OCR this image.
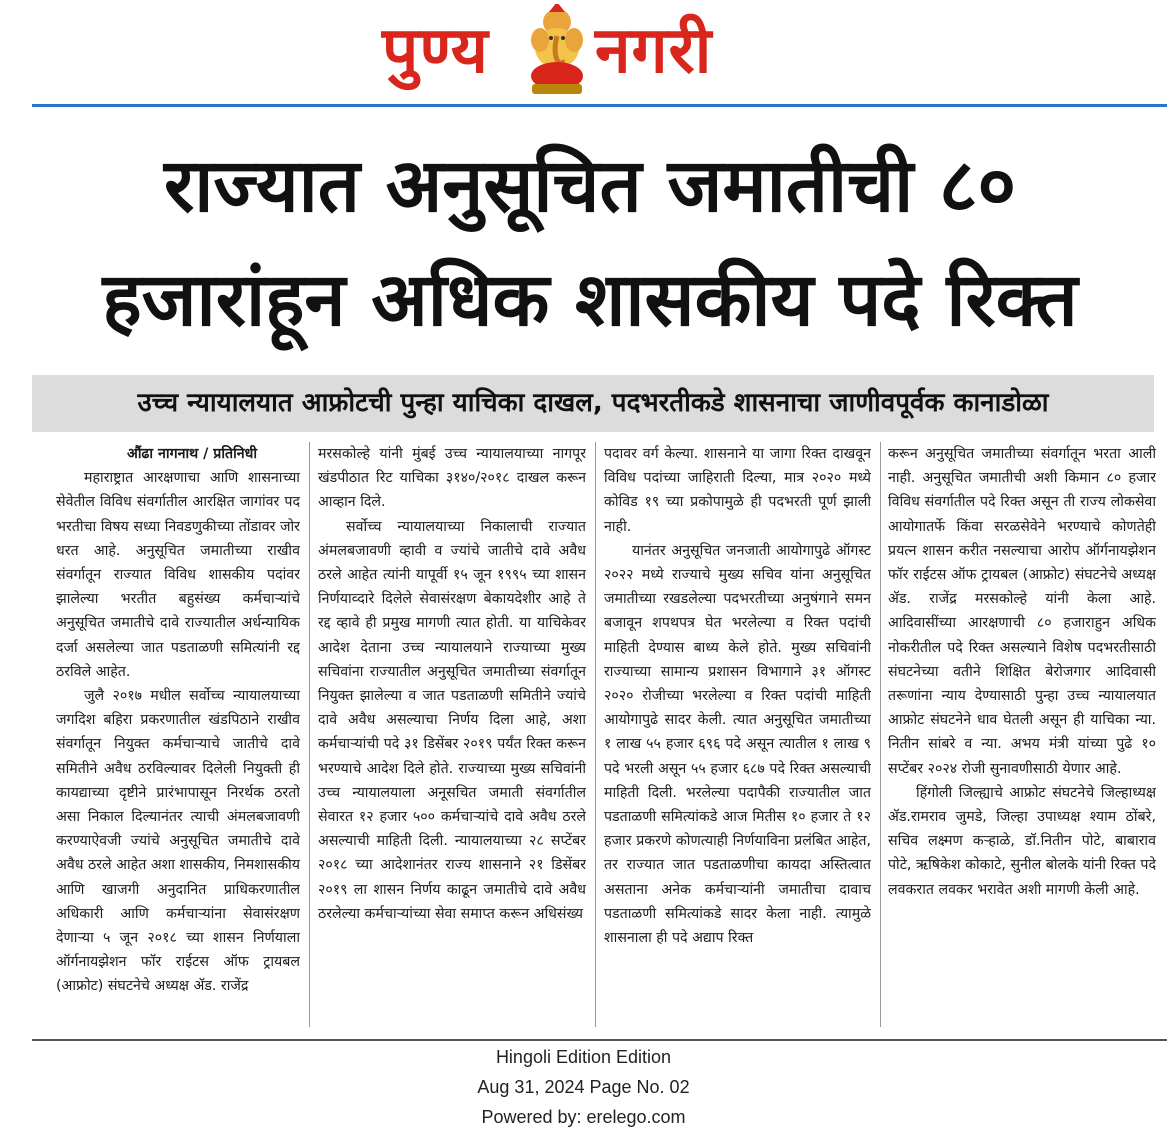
पुण्य नगरी
राज्यात अनुसूचित जमातीची ८०
हजारांहून अधिक शासकीय पदे रिक्त
उच्च न्यायालयात आफ्रोटची पुन्हा याचिका दाखल, पदभरतीकडे शासनाचा जाणीवपूर्वक कानाडोळा
औंढा नागनाथ / प्रतिनिधी

महाराष्ट्रात आरक्षणाचा आणि शासनाच्या सेवेतील विविध संवर्गातील आरक्षित जागांवर पद भरतीचा विषय सध्या निवडणुकीच्या तोंडावर जोर धरत आहे. अनुसूचित जमातीच्या राखीव संवर्गातून राज्यात विविध शासकीय पदांवर झालेल्या भरतीत बहुसंख्य कर्मचाऱ्यांचे अनुसूचित जमातीचे दावे राज्यातील अर्धन्यायिक दर्जा असलेल्या जात पडताळणी समित्यांनी रद्द ठरविले आहेत.

जुलै २०१७ मधील सर्वोच्च न्यायालयाच्या जगदिश बहिरा प्रकरणातील खंडपिठाने राखीव संवर्गातून नियुक्त कर्मचाऱ्याचे जातीचे दावे समितीने अवैध ठरविल्यावर दिलेली नियुक्ती ही कायद्याच्या दृष्टीने प्रारंभापासून निरर्थक ठरतो असा निकाल दिल्यानंतर त्याची अंमलबजावणी करण्याऐवजी ज्यांचे अनुसूचित जमातीचे दावे अवैध ठरले आहेत अशा शासकीय, निमशासकीय आणि खाजगी अनुदानित प्राधिकरणातील अधिकारी आणि कर्मचाऱ्यांना सेवासंरक्षण देणाऱ्या ५ जून २०१८ च्या शासन निर्णयाला ऑर्गनायझेशन फॉर राईटस ऑफ ट्रायबल (आफ्रोट) संघटनेचे अध्यक्ष ॲड. राजेंद्र

मरसकोल्हे यांनी मुंबई उच्च न्यायालयाच्या नागपूर खंडपीठात रिट याचिका ३१४०/२०१८ दाखल करून आव्हान दिले.

सर्वोच्च न्यायालयाच्या निकालाची राज्यात अंमलबजावणी व्हावी व ज्यांचे जातीचे दावे अवैध ठरले आहेत त्यांनी यापूर्वी १५ जून १९९५ च्या शासन निर्णयाव्दारे दिलेले सेवासंरक्षण बेकायदेशीर आहे ते रद्द व्हावे ही प्रमुख मागणी त्यात होती. या याचिकेवर आदेश देताना उच्च न्यायालयाने राज्याच्या मुख्य सचिवांना राज्यातील अनुसूचित जमातीच्या संवर्गातून नियुक्त झालेल्या व जात पडताळणी समितीने ज्यांचे दावे अवैध असल्याचा निर्णय दिला आहे, अशा कर्मचाऱ्यांची पदे ३१ डिसेंबर २०१९ पर्यंत रिक्त करून भरण्याचे आदेश दिले होते. राज्याच्या मुख्य सचिवांनी उच्च न्यायालयाला अनूसचित जमाती संवर्गातील सेवारत १२ हजार ५०० कर्मचाऱ्यांचे दावे अवैध ठरले असल्याची माहिती दिली. न्यायालयाच्या २८ सप्टेंबर २०१८ च्या आदेशानंतर राज्य शासनाने २१ डिसेंबर २०१९ ला शासन निर्णय काढून जमातीचे दावे अवैध ठरलेल्या कर्मचाऱ्यांच्या सेवा समाप्त करून अधिसंख्य

पदावर वर्ग केल्या. शासनाने या जागा रिक्त दाखवून विविध पदांच्या जाहिराती दिल्या, मात्र २०२० मध्ये कोविड १९ च्या प्रकोपामुळे ही पदभरती पूर्ण झाली नाही.

यानंतर अनुसूचित जनजाती आयोगापुढे ऑगस्ट २०२२ मध्ये राज्याचे मुख्य सचिव यांना अनुसूचित जमातीच्या रखडलेल्या पदभरतीच्या अनुषंगाने समन बजावून शपथपत्र घेत भरलेल्या व रिक्त पदांची माहिती देण्यास बाध्य केले होते. मुख्य सचिवांनी राज्याच्या सामान्य प्रशासन विभागाने ३१ ऑगस्ट २०२० रोजीच्या भरलेल्या व रिक्त पदांची माहिती आयोगापुढे सादर केली. त्यात अनुसूचित जमातीच्या १ लाख ५५ हजार ६९६ पदे असून त्यातील १ लाख ९ पदे भरली असून ५५ हजार ६८७ पदे रिक्त असल्याची माहिती दिली. भरलेल्या पदापैकी राज्यातील जात पडताळणी समित्यांकडे आज मितीस १० हजार ते १२ हजार प्रकरणे कोणत्याही निर्णयाविना प्रलंबित आहेत, तर राज्यात जात पडताळणीचा कायदा अस्तित्वात असताना अनेक कर्मचाऱ्यांनी जमातीचा दावाच पडताळणी समित्यांकडे सादर केला नाही. त्यामुळे शासनाला ही पदे अद्याप रिक्त

करून अनुसूचित जमातीच्या संवर्गातून भरता आली नाही. अनुसूचित जमातीची अशी किमान ८० हजार विविध संवर्गातील पदे रिक्त असून ती राज्य लोकसेवा आयोगातर्फे किंवा सरळसेवेने भरण्याचे कोणतेही प्रयत्न शासन करीत नसल्याचा आरोप ऑर्गनायझेशन फॉर राईटस ऑफ ट्रायबल (आफ्रोट) संघटनेचे अध्यक्ष ॲड. राजेंद्र मरसकोल्हे यांनी केला आहे. आदिवासींच्या आरक्षणाची ८० हजाराहुन अधिक नोकरीतील पदे रिक्त असल्याने विशेष पदभरतीसाठी संघटनेच्या वतीने शिक्षित बेरोजगार आदिवासी तरूणांना न्याय देण्यासाठी पुन्हा उच्च न्यायालयात आफ्रोट संघटनेने धाव घेतली असून ही याचिका न्या. नितीन सांबरे व न्या. अभय मंत्री यांच्या पुढे १० सप्टेंबर २०२४ रोजी सुनावणीसाठी येणार आहे.

हिंगोली जिल्ह्याचे आफ्रोट संघटनेचे जिल्हाध्यक्ष ॲड.रामराव जुमडे, जिल्हा उपाध्यक्ष श्याम ठोंबरे, सचिव लक्ष्मण कऱ्हाळे, डॉ.नितीन पोटे, बाबाराव पोटे, ऋषिकेश कोकाटे, सुनील बोलके यांनी रिक्त पदे लवकरात लवकर भरावेत अशी मागणी केली आहे.

Hingoli Edition Edition
Aug 31, 2024 Page No. 02
Powered by: erelego.com
